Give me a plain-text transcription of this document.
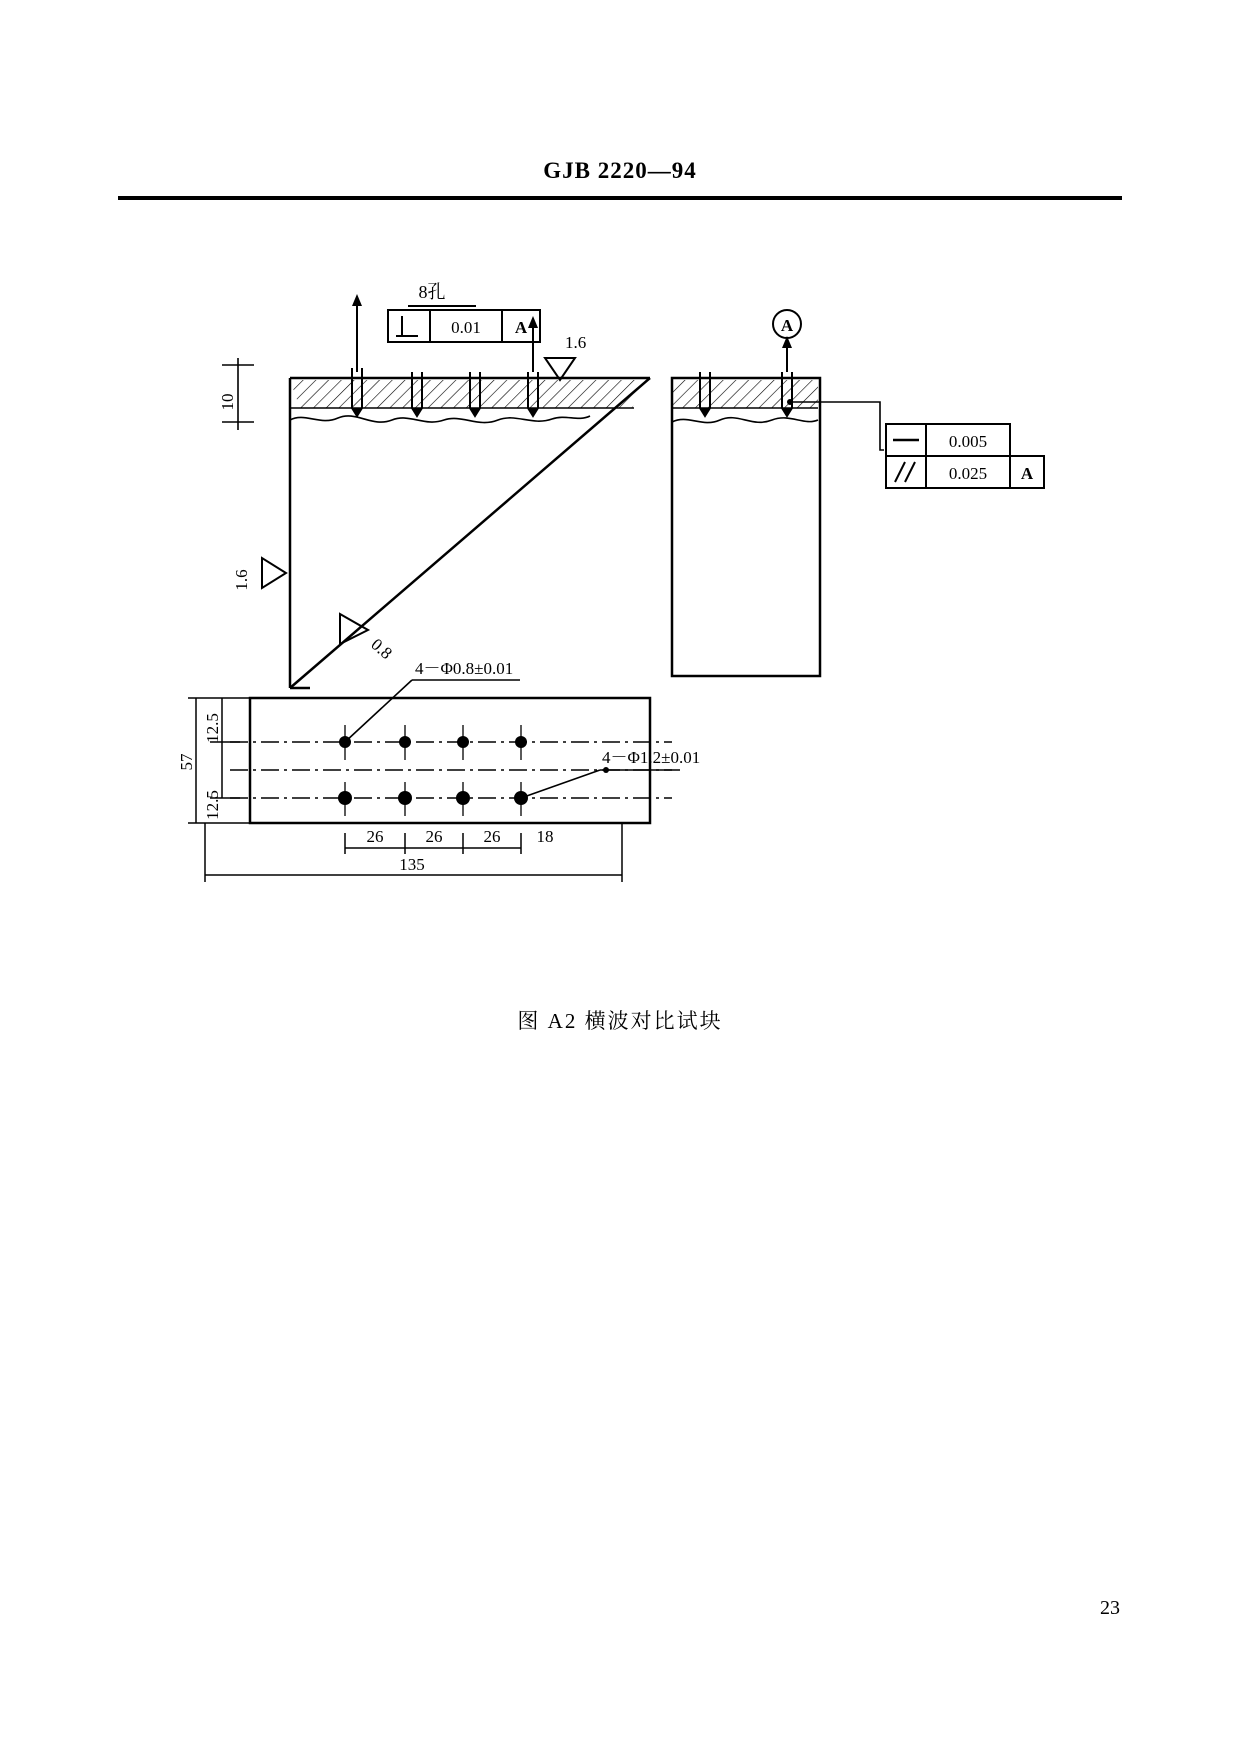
GJB 2220—94
8孔
0.01 A
1.6
10
1.6
0.8
A
0.005
0.025 A
4－Φ0.8±0.01
4－Φ1.2±0.01
57
12.5
12.5
26 26 26 18
135
图 A2 横波对比试块
23
